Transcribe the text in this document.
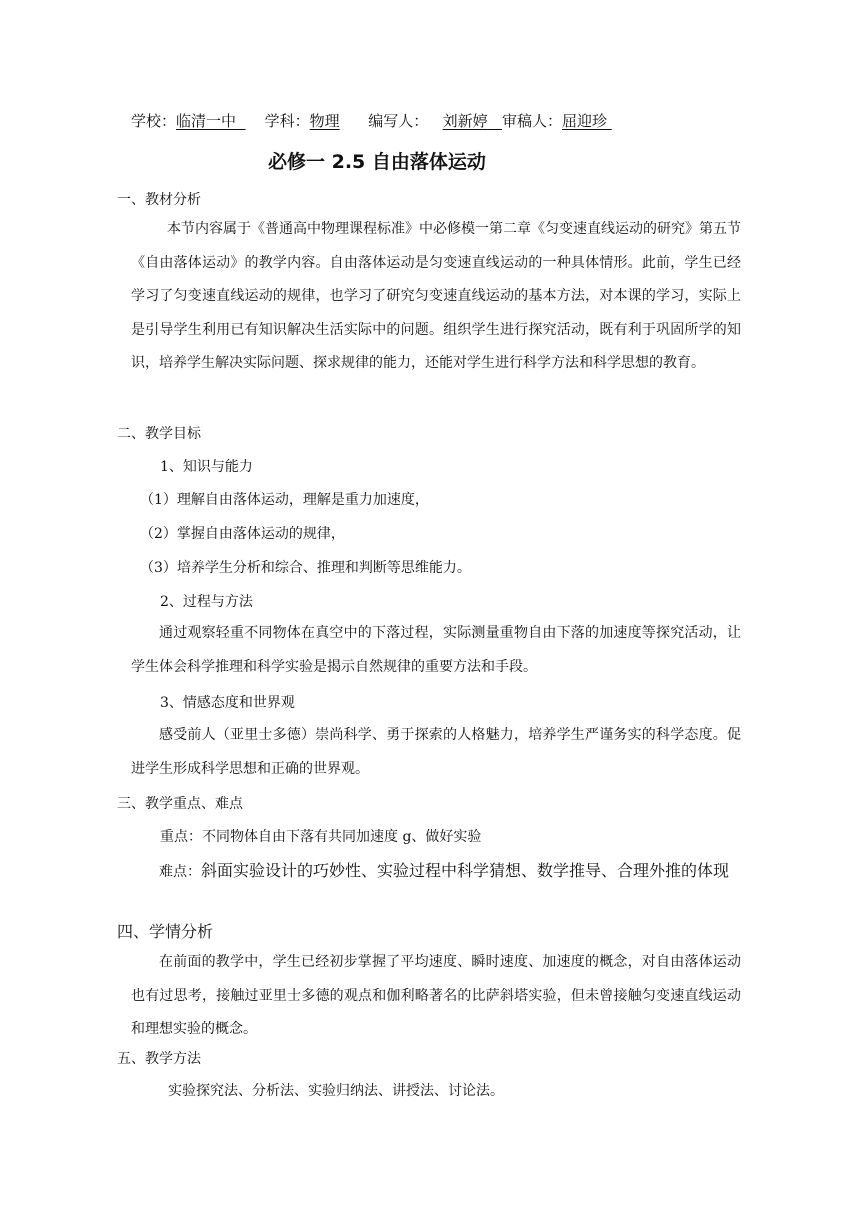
学校：临清一中 学科：物理 编写人： 刘新婷 审稿人：屈迎珍
必修一 2.5 自由落体运动
一、教材分析
本节内容属于《普通高中物理课程标准》中必修模一第二章《匀变速直线运动的研究》第五节《自由落体运动》的教学内容。自由落体运动是匀变速直线运动的一种具体情形。此前，学生已经学习了匀变速直线运动的规律，也学习了研究匀变速直线运动的基本方法，对本课的学习，实际上是引导学生利用已有知识解决生活实际中的问题。组织学生进行探究活动，既有利于巩固所学的知识，培养学生解决实际问题、探求规律的能力，还能对学生进行科学方法和科学思想的教育。
二、教学目标
1、知识与能力
（1）理解自由落体运动，理解是重力加速度，
（2）掌握自由落体运动的规律，
（3）培养学生分析和综合、推理和判断等思维能力。
2、过程与方法
通过观察轻重不同物体在真空中的下落过程，实际测量重物自由下落的加速度等探究活动，让学生体会科学推理和科学实验是揭示自然规律的重要方法和手段。
3、情感态度和世界观
感受前人（亚里士多德）崇尚科学、勇于探索的人格魅力，培养学生严谨务实的科学态度。促进学生形成科学思想和正确的世界观。
三、教学重点、难点
重点：不同物体自由下落有共同加速度 g、做好实验
难点：斜面实验设计的巧妙性、实验过程中科学猜想、数学推导、合理外推的体现
四、学情分析
在前面的教学中，学生已经初步掌握了平均速度、瞬时速度、加速度的概念，对自由落体运动也有过思考，接触过亚里士多德的观点和伽利略著名的比萨斜塔实验，但未曾接触匀变速直线运动和理想实验的概念。
五、教学方法
实验探究法、分析法、实验归纳法、讲授法、讨论法。
